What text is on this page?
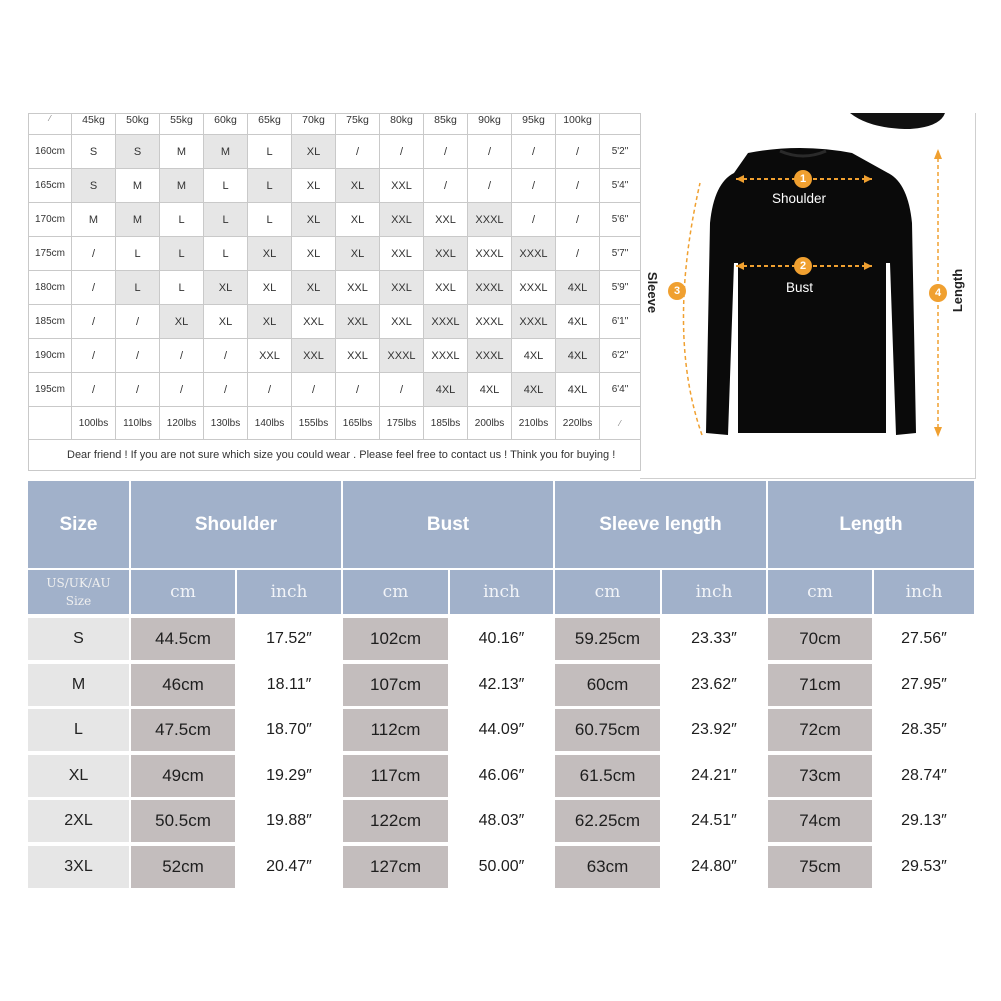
⁄	45kg	50kg	55kg	60kg	65kg	70kg	75kg	80kg	85kg	90kg	95kg	100kg	
160cm	S	S	M	M	L	XL	/	/	/	/	/	/	5'2"
165cm	S	M	M	L	L	XL	XL	XXL	/	/	/	/	5'4"
170cm	M	M	L	L	L	XL	XL	XXL	XXL	XXXL	/	/	5'6"
175cm	/	L	L	L	XL	XL	XL	XXL	XXL	XXXL	XXXL	/	5'7"
180cm	/	L	L	XL	XL	XL	XXL	XXL	XXL	XXXL	XXXL	4XL	5'9"
185cm	/	/	XL	XL	XL	XXL	XXL	XXL	XXXL	XXXL	XXXL	4XL	6'1"
190cm	/	/	/	/	XXL	XXL	XXL	XXXL	XXXL	XXXL	4XL	4XL	6'2"
195cm	/	/	/	/	/	/	/	/	4XL	4XL	4XL	4XL	6'4"
	100lbs	110lbs	120lbs	130lbs	140lbs	155lbs	165lbs	175lbs	185lbs	200lbs	210lbs	220lbs	⁄
Dear friend ! If you are not sure which size you could wear . Please feel free to contact us ! Think you for buying !													
1
Shoulder
2
Bust
3
Sleeve	4 Length
Size	Shoulder	Bust	Sleeve length	Length
US/UK/AU
Size	cm	inch	cm	inch	cm	inch	cm	inch
S	44.5cm	17.52″	102cm	40.16″	59.25cm	23.33″	70cm	27.56″
M	46cm	18.11″	107cm	42.13″	60cm	23.62″	71cm	27.95″
L	47.5cm	18.70″	112cm	44.09″	60.75cm	23.92″	72cm	28.35″
XL	49cm	19.29″	117cm	46.06″	61.5cm	24.21″	73cm	28.74″
2XL	50.5cm	19.88″	122cm	48.03″	62.25cm	24.51″	74cm	29.13″
3XL	52cm	20.47″	127cm	50.00″	63cm	24.80″	75cm	29.53″
